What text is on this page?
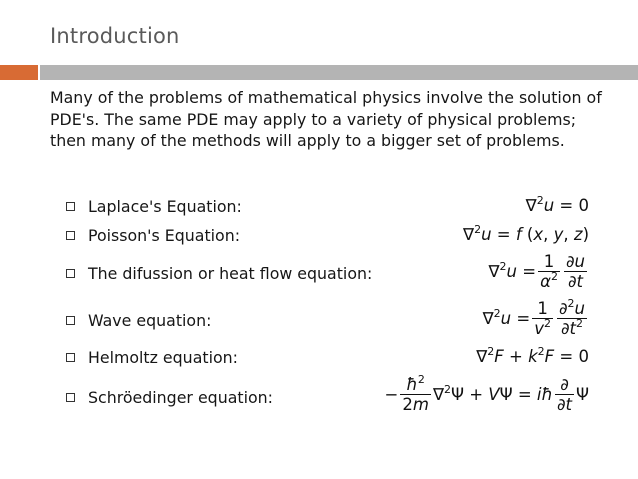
Introduction

Many of the problems of mathematical physics involve the solution of PDE's. The same PDE may apply to a variety of physical problems; then many of the methods will apply to a bigger set of problems.

Laplace's Equation:	∇$^2$u = 0
Poisson's Equation:	∇$^2$u = f (x, y, z)
The difussion or heat flow equation:	$\nabla^2u = \frac{1}{\alpha^2} \frac{\partial u}{\partial t}$
Wave equation:	$\nabla^2u = \frac{1}{v^2} \frac{\partial^2u}{\partial t^2}$
Helmoltz equation:	$\nabla^2F + k^2F = 0$
Schröedinger equation:	− $\frac{ħ^2}{2m} \nabla^2\Psi + V\Psi$ = iħ $\frac{\partial}{\partial t}$ Ψ
